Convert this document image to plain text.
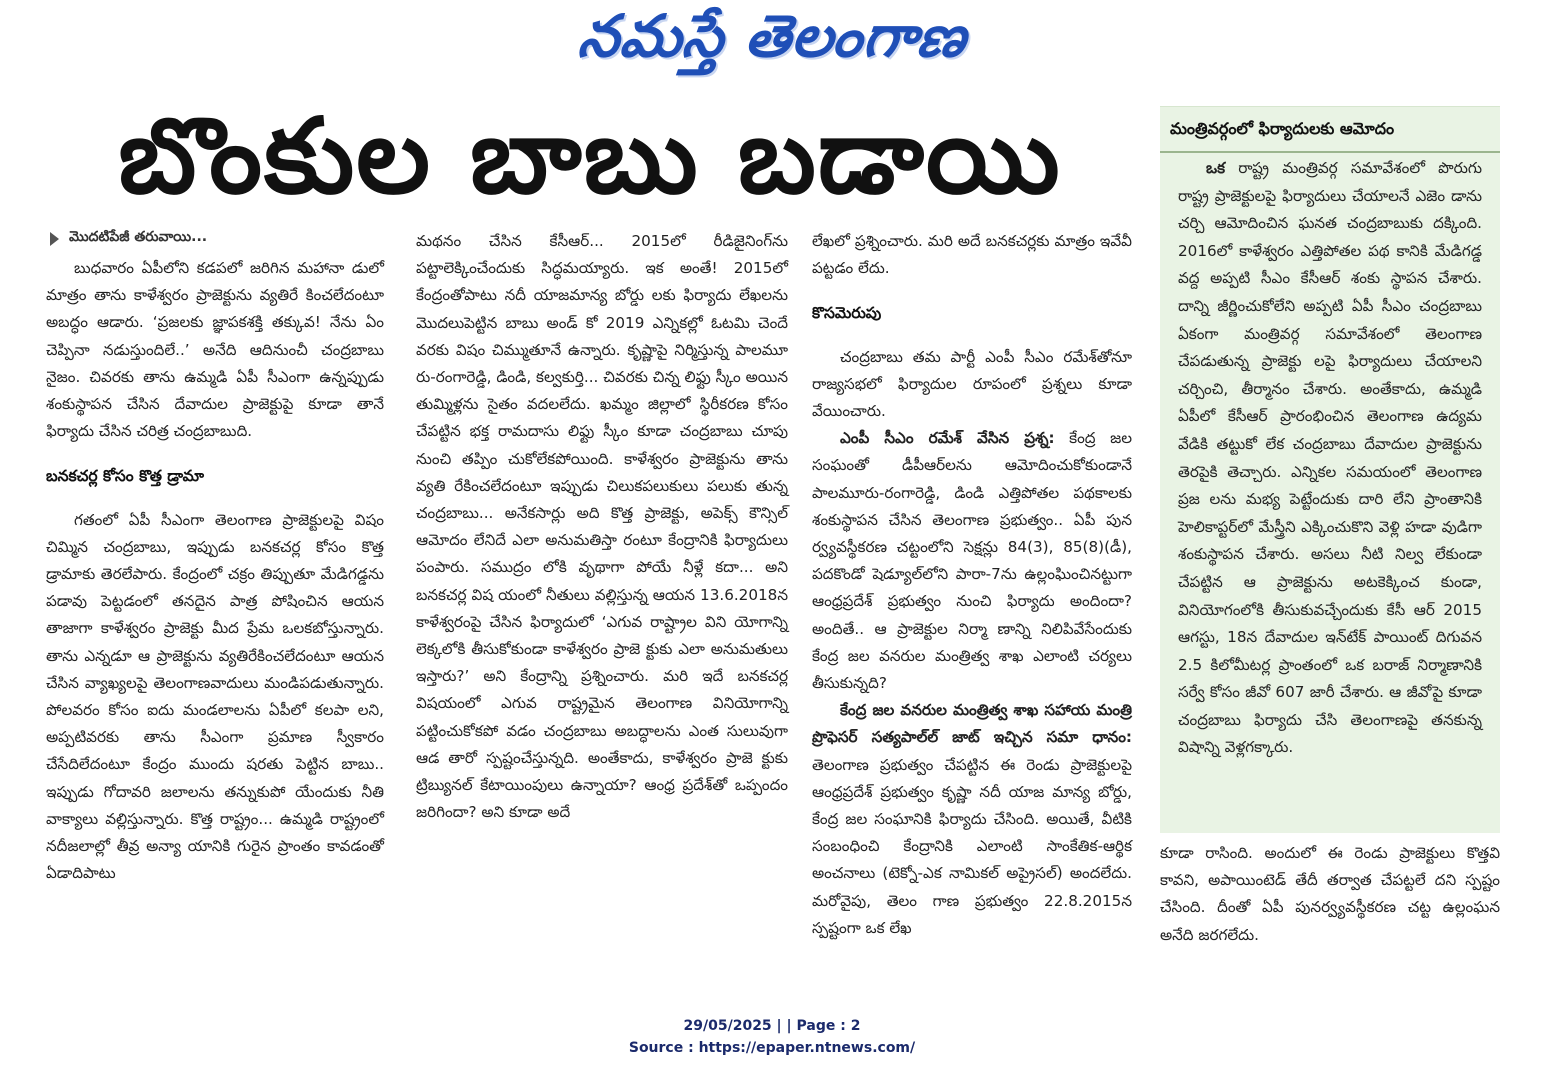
నమస్తే తెలంగాణ
బొంకుల బాబు బడాయి
మొదటిపేజీ తరువాయి...

బుధవారం ఏపీలోని కడపలో జరిగిన మహానా డులో మాత్రం తాను కాళేశ్వరం ప్రాజెక్టును వ్యతిరే కించలేదంటూ అబద్ధం ఆడారు. ‘ప్రజలకు జ్ఞాపకశక్తి తక్కువ! నేను ఏం చెప్పినా నడుస్తుందిలే..’ అనేది ఆదినుంచీ చంద్రబాబు నైజం. చివరకు తాను ఉమ్మడి ఏపీ సీఎంగా ఉన్నప్పుడు శంకుస్థాపన చేసిన దేవాదుల ప్రాజెక్టుపై కూడా తానే ఫిర్యాదు చేసిన చరిత్ర చంద్రబాబుది.

బనకచర్ల కోసం కొత్త డ్రామా

గతంలో ఏపీ సీఎంగా తెలంగాణ ప్రాజెక్టులపై విషం చిమ్మిన చంద్రబాబు, ఇప్పుడు బనకచర్ల కోసం కొత్త డ్రామాకు తెరలేపారు. కేంద్రంలో చక్రం తిప్పుతూ మేడిగడ్డను పడావు పెట్టడంలో తనదైన పాత్ర పోషించిన ఆయన తాజాగా కాళేశ్వరం ప్రాజెక్టు మీద ప్రేమ ఒలకబోస్తున్నారు. తాను ఎన్నడూ ఆ ప్రాజెక్టును వ్యతిరేకించలేదంటూ ఆయన చేసిన వ్యాఖ్యలపై తెలంగాణవాదులు మండిపడుతున్నారు. పోలవరం కోసం ఐదు మండలాలను ఏపీలో కలపా లని, అప్పటివరకు తాను సీఎంగా ప్రమాణ స్వీకారం చేసేదిలేదంటూ కేంద్రం ముందు షరతు పెట్టిన బాబు.. ఇప్పుడు గోదావరి జలాలను తన్నుకుపో యేందుకు నీతి వాక్యాలు వల్లిస్తున్నారు. కొత్త రాష్ట్రం... ఉమ్మడి రాష్ట్రంలో నదీజలాల్లో తీవ్ర అన్యా యానికి గురైన ప్రాంతం కావడంతో ఏడాదిపాటు

మథనం చేసిన కేసీఆర్... 2015లో రీడిజైనింగ్‌ను పట్టాలెక్కించేందుకు సిద్ధమయ్యారు. ఇక అంతే! 2015లో కేంద్రంతోపాటు నదీ యాజమాన్య బోర్డు లకు ఫిర్యాదు లేఖలను మొదలుపెట్టిన బాబు అండ్ కో 2019 ఎన్నికల్లో ఓటమి చెందే వరకు విషం చిమ్ముతూనే ఉన్నారు. కృష్ణాపై నిర్మిస్తున్న పాలమూ రు-రంగారెడ్డి, డిండి, కల్వకుర్తి... చివరకు చిన్న లిఫ్టు స్కీం అయిన తుమ్మిళ్లను సైతం వదలలేదు. ఖమ్మం జిల్లాలో స్థిరీకరణ కోసం చేపట్టిన భక్త రామదాసు లిఫ్టు స్కీం కూడా చంద్రబాబు చూపు నుంచి తప్పిం చుకోలేకపోయింది. కాళేశ్వరం ప్రాజెక్టును తాను వ్యతి రేకించలేదంటూ ఇప్పుడు చిలుకపలుకులు పలుకు తున్న చంద్రబాబు... అనేకసార్లు అది కొత్త ప్రాజెక్టు, అపెక్స్ కౌన్సిల్ ఆమోదం లేనిదే ఎలా అనుమతిస్తా రంటూ కేంద్రానికి ఫిర్యాదులు పంపారు. సముద్రం లోకి వృథాగా పోయే నీళ్లే కదా... అని బనకచర్ల విష యంలో నీతులు వల్లిస్తున్న ఆయన 13.6.2018న కాళేశ్వరంపై చేసిన ఫిర్యాదులో ‘ఎగువ రాష్ట్రాల విని యోగాన్ని లెక్కలోకి తీసుకోకుండా కాళేశ్వరం ప్రాజె క్టుకు ఎలా అనుమతులు ఇస్తారు?’ అని కేంద్రాన్ని ప్రశ్నించారు. మరి ఇదే బనకచర్ల విషయంలో ఎగువ రాష్ట్రమైన తెలంగాణ వినియోగాన్ని పట్టించుకోకపో వడం చంద్రబాబు అబద్ధాలను ఎంత సులువుగా ఆడ తారో స్పష్టంచేస్తున్నది. అంతేకాదు, కాళేశ్వరం ప్రాజె క్టుకు ట్రిబ్యునల్ కేటాయింపులు ఉన్నాయా? ఆంధ్ర ప్రదేశ్‌తో ఒప్పందం జరిగిందా? అని కూడా అదే

లేఖలో ప్రశ్నించారు. మరి అదే బనకచర్లకు మాత్రం ఇవేవీ పట్టడం లేదు.

కొసమెరుపు

చంద్రబాబు తమ పార్టీ ఎంపీ సీఎం రమేశ్‌తోనూ రాజ్యసభలో ఫిర్యాదుల రూపంలో ప్రశ్నలు కూడా వేయించారు.

ఎంపీ సీఎం రమేశ్ వేసిన ప్రశ్న: కేంద్ర జల సంఘంతో డీపీఆర్‌లను ఆమోదించుకోకుండానే పాలమూరు-రంగారెడ్డి, డిండి ఎత్తిపోతల పథకాలకు శంకుస్థాపన చేసిన తెలంగాణ ప్రభుత్వం.. ఏపీ పున ర్వ్యవస్థీకరణ చట్టంలోని సెక్షన్లు 84(3), 85(8)(డీ), పదకొండో షెడ్యూల్‌లోని పారా-7ను ఉల్లంఘించినట్టుగా ఆంధ్రప్రదేశ్ ప్రభుత్వం నుంచి ఫిర్యాదు అందిందా? అందితే.. ఆ ప్రాజెక్టుల నిర్మా ణాన్ని నిలిపివేసేందుకు కేంద్ర జల వనరుల మంత్రిత్వ శాఖ ఎలాంటి చర్యలు తీసుకున్నది?

కేంద్ర జల వనరుల మంత్రిత్వ శాఖ సహాయ మంత్రి ప్రొఫెసర్ సత్యపాల్‌ల్‌ జాట్ ఇచ్చిన సమా ధానం: తెలంగాణ ప్రభుత్వం చేపట్టిన ఈ రెండు ప్రాజెక్టులపై ఆంధ్రప్రదేశ్ ప్రభుత్వం కృష్ణా నదీ యాజ మాన్య బోర్డు, కేంద్ర జల సంఘానికి ఫిర్యాదు చేసింది. అయితే, వీటికి సంబంధించి కేంద్రానికి ఎలాంటి సాంకేతిక-ఆర్థిక అంచనాలు (టెక్నో-ఎక నామికల్ అప్రైసల్) అందలేదు. మరోవైపు, తెలం గాణ ప్రభుత్వం 22.8.2015న స్పష్టంగా ఒక లేఖ

మంత్రివర్గంలో ఫిర్యాదులకు ఆమోదం

ఒక రాష్ట్ర మంత్రివర్గ సమావేశంలో పొరుగు రాష్ట్ర ప్రాజెక్టులపై ఫిర్యాదులు చేయాలనే ఎజెం డాను చర్చి ఆమోదించిన ఘనత చంద్రబాబుకు దక్కింది. 2016లో కాళేశ్వరం ఎత్తిపోతల పథ కానికి మేడిగడ్డ వద్ద అప్పటి సీఎం కేసీఆర్ శంకు స్థాపన చేశారు. దాన్ని జీర్ణించుకోలేని అప్పటి ఏపీ సీఎం చంద్రబాబు ఏకంగా మంత్రివర్గ సమావేశంలో తెలంగాణ చేపడుతున్న ప్రాజెక్టు లపై ఫిర్యాదులు చేయాలని చర్చించి, తీర్మానం చేశారు. అంతేకాదు, ఉమ్మడి ఏపీలో కేసీఆర్ ప్రారంభించిన తెలంగాణ ఉద్యమ వేడికి తట్టుకో లేక చంద్రబాబు దేవాదుల ప్రాజెక్టును తెరపైకి తెచ్చారు. ఎన్నికల సమయంలో తెలంగాణ ప్రజ లను మభ్య పెట్టేందుకు దారి లేని ప్రాంతానికి హెలికాప్టర్‌లో మేస్త్రీని ఎక్కించుకొని వెళ్లి హడా వుడిగా శంకుస్థాపన చేశారు. అసలు నీటి నిల్వ లేకుండా చేపట్టిన ఆ ప్రాజెక్టును అటకెక్కించ కుండా, వినియోగంలోకి తీసుకువచ్చేందుకు కేసీ ఆర్ 2015 ఆగస్టు, 18న దేవాదుల ఇన్‌టేక్ పాయింట్ దిగువన 2.5 కిలోమీటర్ల ప్రాంతంలో ఒక బరాజ్ నిర్మాణానికి సర్వే కోసం జీవో 607 జారీ చేశారు. ఆ జీవోపై కూడా చంద్రబాబు ఫిర్యాదు చేసి తెలంగాణపై తనకున్న విషాన్ని వెళ్లగక్కారు.

కూడా రాసింది. అందులో ఈ రెండు ప్రాజెక్టులు కొత్తవి కావని, అపాయింటెడ్ తేదీ తర్వాత చేపట్టలే దని స్పష్టం చేసింది. దీంతో ఏపీ పునర్వ్యవస్థీకరణ చట్ట ఉల్లంఘన అనేది జరగలేదు.

29/05/2025 | | Page : 2
Source : https://epaper.ntnews.com/
